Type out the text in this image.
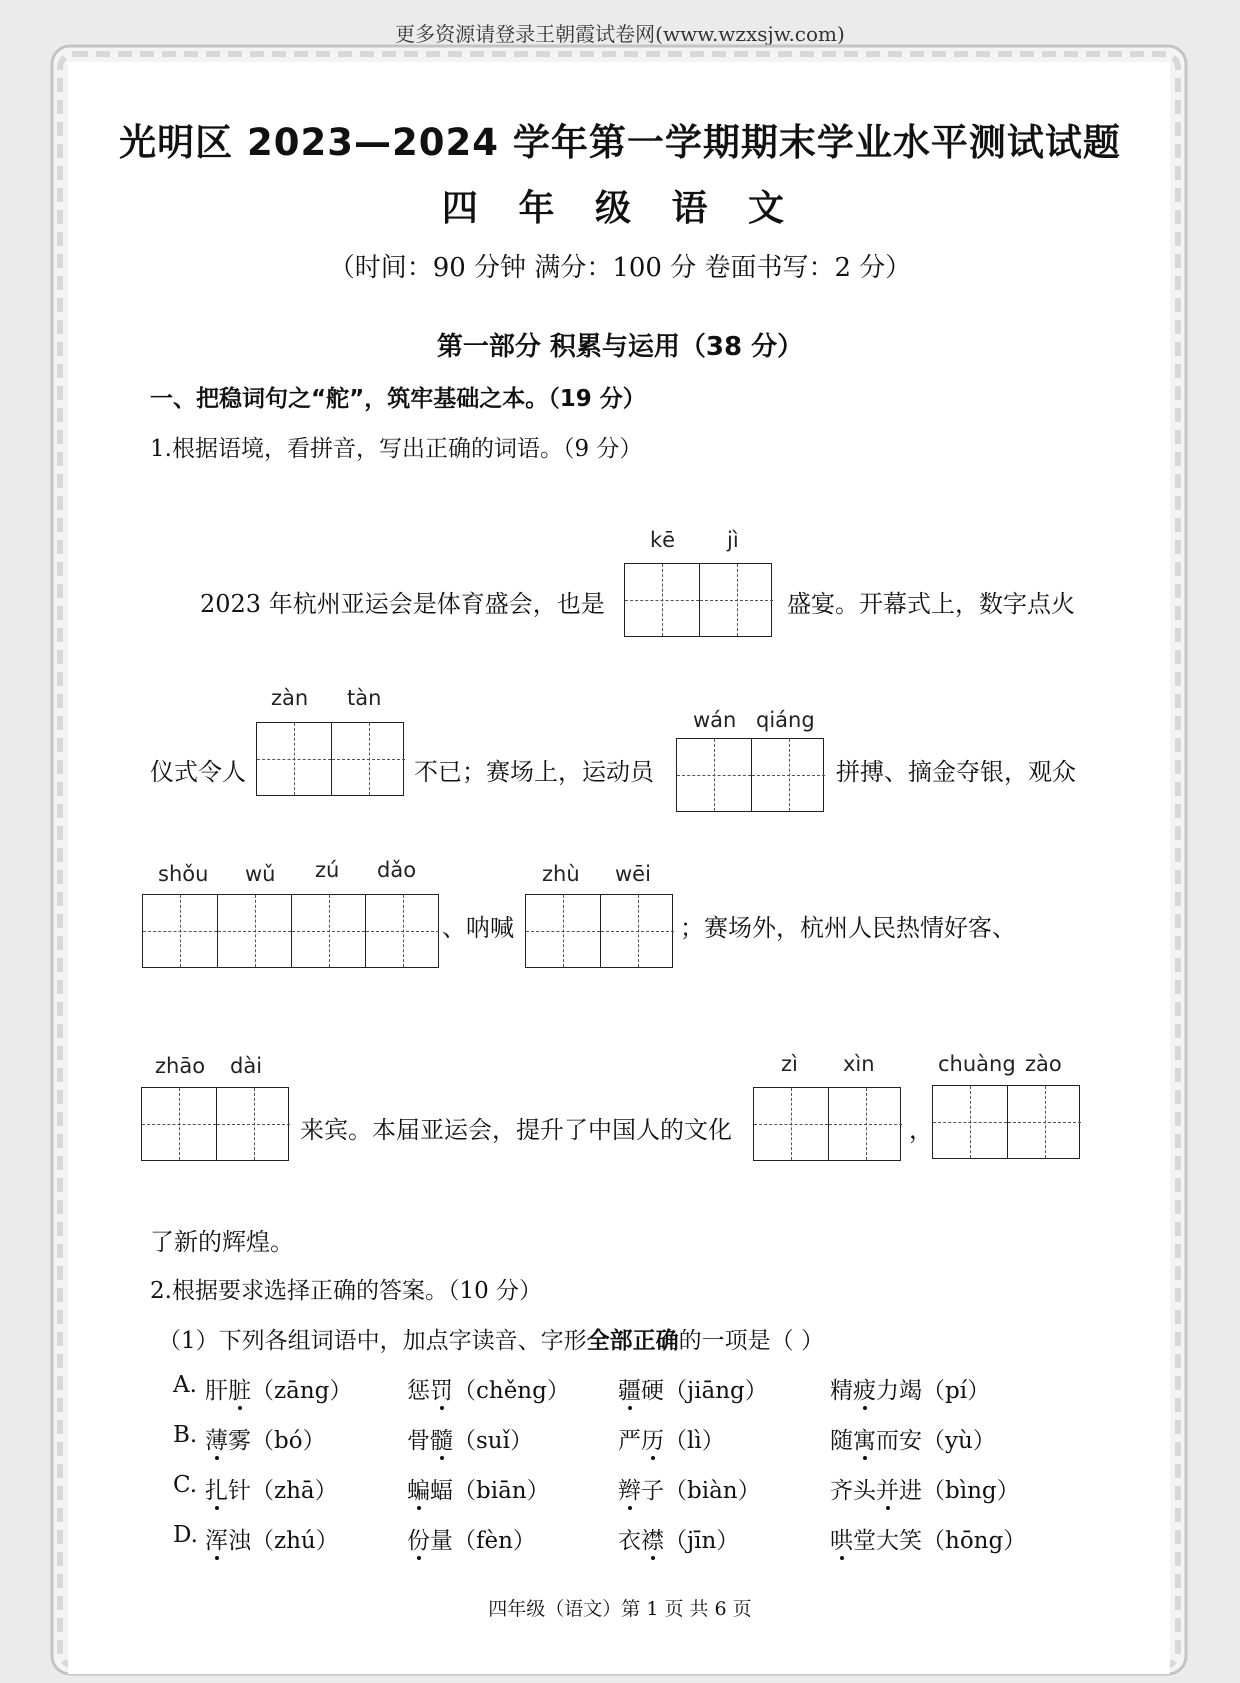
更多资源请登录王朝霞试卷网(www.wzxsjw.com)
光明区 2023—2024 学年第一学期期末学业水平测试试题
四 年 级 语 文
（时间：90 分钟 满分：100 分 卷面书写：2 分）
第一部分 积累与运用（38 分）
一、把稳词句之“舵”，筑牢基础之本。（19 分）
1.根据语境，看拼音，写出正确的词语。（9 分）
kē jì
2023 年杭州亚运会是体育盛会，也是	盛宴。开幕式上，数字点火
zàn tàn
wán qiáng
仪式令人	不已；赛场上，运动员	拼搏、摘金夺银，观众
shǒu wǔ zú dǎo	zhù wēi
、呐喊	；赛场外，杭州人民热情好客、
zhāo dài	zì xìn	chuàng zào
来宾。本届亚运会，提升了中国人的文化	，
了新的辉煌。
2.根据要求选择正确的答案。（10 分）
（1）下列各组词语中，加点字读音、字形全部正确的一项是（ ）
A. 肝脏（zāng） 惩罚（chěng） 疆硬（jiāng）	精疲力竭（pí）
B. 薄雾（bó）	骨髓（suǐ）	严历（lì）	随寓而安（yù）
C. 扎针（zhā）	蝙蝠（biān）	辫子（biàn）	齐头并进（bìng）
D. 浑浊（zhú）	份量（fèn）	衣襟（jīn）	哄堂大笑（hōng）
四年级（语文）第 1 页 共 6 页
